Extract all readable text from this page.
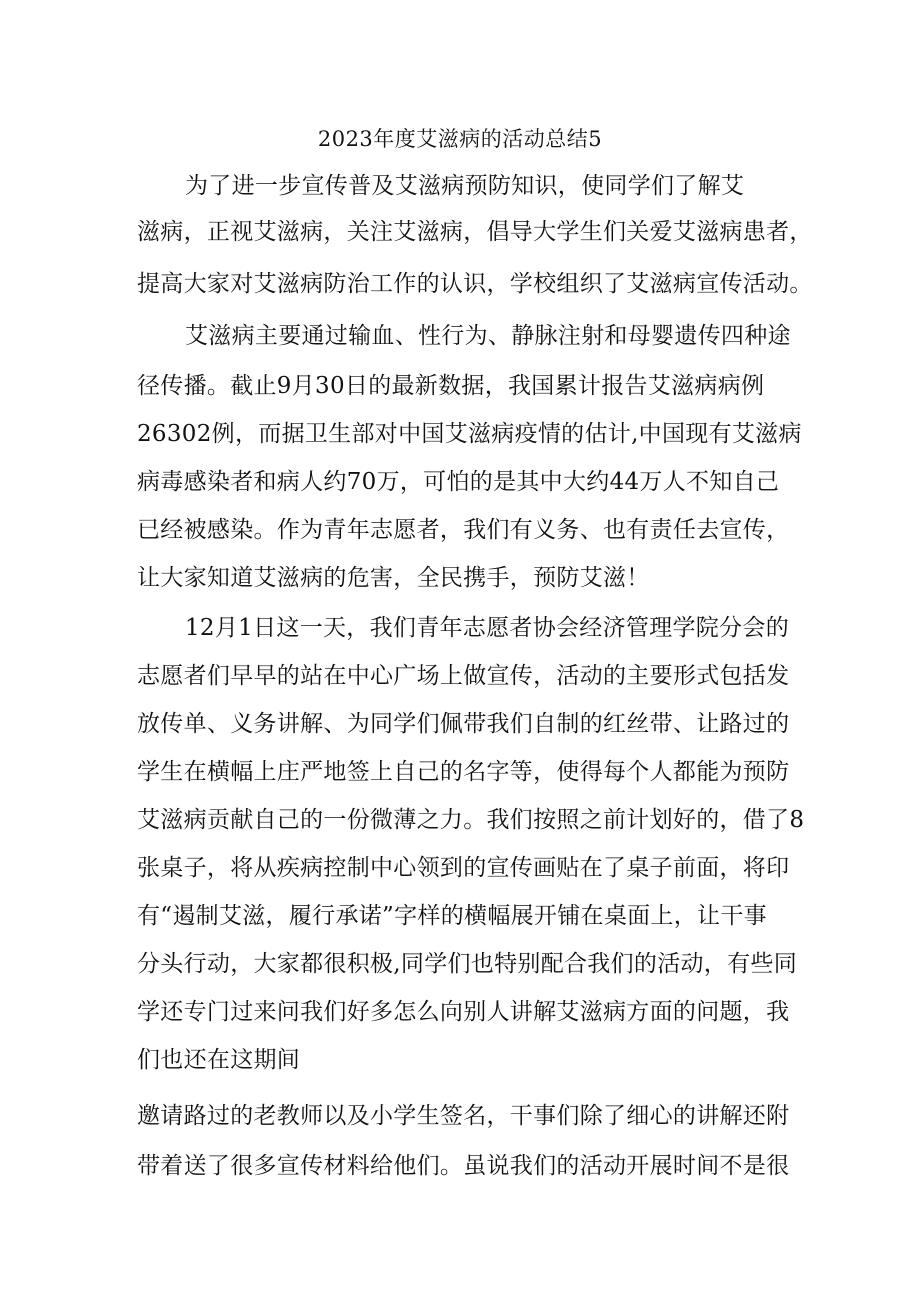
2023年度艾滋病的活动总结5
为了进一步宣传普及艾滋病预防知识，使同学们了解艾
滋病，正视艾滋病，关注艾滋病，倡导大学生们关爱艾滋病患者，
提高大家对艾滋病防治工作的认识，学校组织了艾滋病宣传活动。
艾滋病主要通过输血、性行为、静脉注射和母婴遗传四种途
径传播。截止9月30日的最新数据，我国累计报告艾滋病病例
26302例，而据卫生部对中国艾滋病疫情的估计,中国现有艾滋病
病毒感染者和病人约70万，可怕的是其中大约44万人不知自己
已经被感染。作为青年志愿者，我们有义务、也有责任去宣传，
让大家知道艾滋病的危害，全民携手，预防艾滋！
12月1日这一天，我们青年志愿者协会经济管理学院分会的
志愿者们早早的站在中心广场上做宣传，活动的主要形式包括发
放传单、义务讲解、为同学们佩带我们自制的红丝带、让路过的
学生在横幅上庄严地签上自己的名字等，使得每个人都能为预防
艾滋病贡献自己的一份微薄之力。我们按照之前计划好的，借了8
张桌子，将从疾病控制中心领到的宣传画贴在了桌子前面，将印
有“遏制艾滋，履行承诺”字样的横幅展开铺在桌面上，让干事
分头行动，大家都很积极,同学们也特别配合我们的活动，有些同
学还专门过来问我们好多怎么向别人讲解艾滋病方面的问题，我
们也还在这期间
邀请路过的老教师以及小学生签名，干事们除了细心的讲解还附
带着送了很多宣传材料给他们。虽说我们的活动开展时间不是很
